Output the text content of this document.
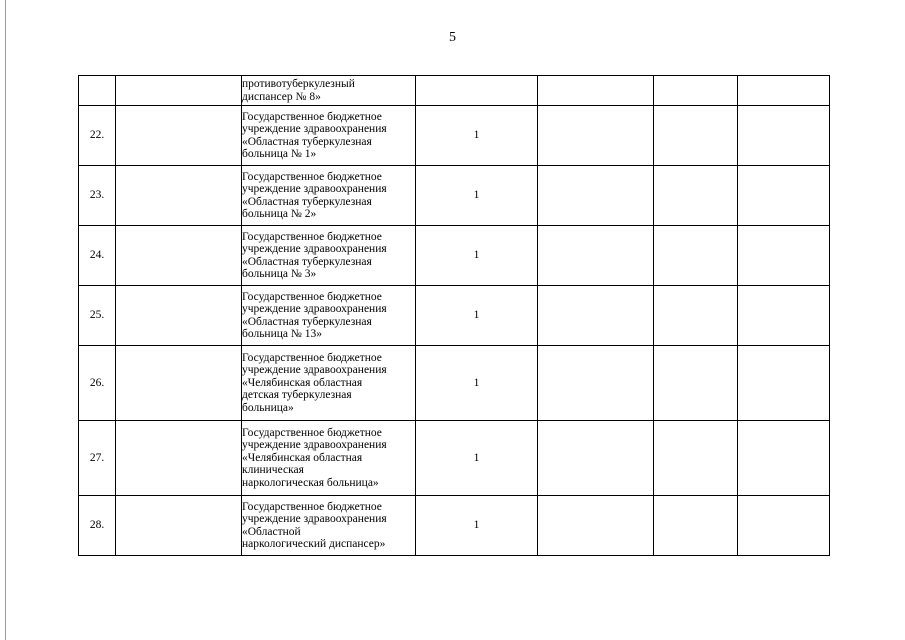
5

		противотуберкулезный
диспансер № 8»				

22.		Государственное бюджетное
учреждение здравоохранения
«Областная туберкулезная
больница № 1»	1			
23.		Государственное бюджетное
учреждение здравоохранения
«Областная туберкулезная
больница № 2»	1			
24.		Государственное бюджетное
учреждение здравоохранения
«Областная туберкулезная
больница № 3»	1			
25.		Государственное бюджетное
учреждение здравоохранения
«Областная туберкулезная
больница № 13»	1			
26.		Государственное бюджетное
учреждение здравоохранения
«Челябинская областная
детская туберкулезная
больница»	1			
27.		Государственное бюджетное
учреждение здравоохранения
«Челябинская областная
клиническая
наркологическая больница»	1			
28.		Государственное бюджетное
учреждение здравоохранения
«Областной
наркологический диспансер»	1			
